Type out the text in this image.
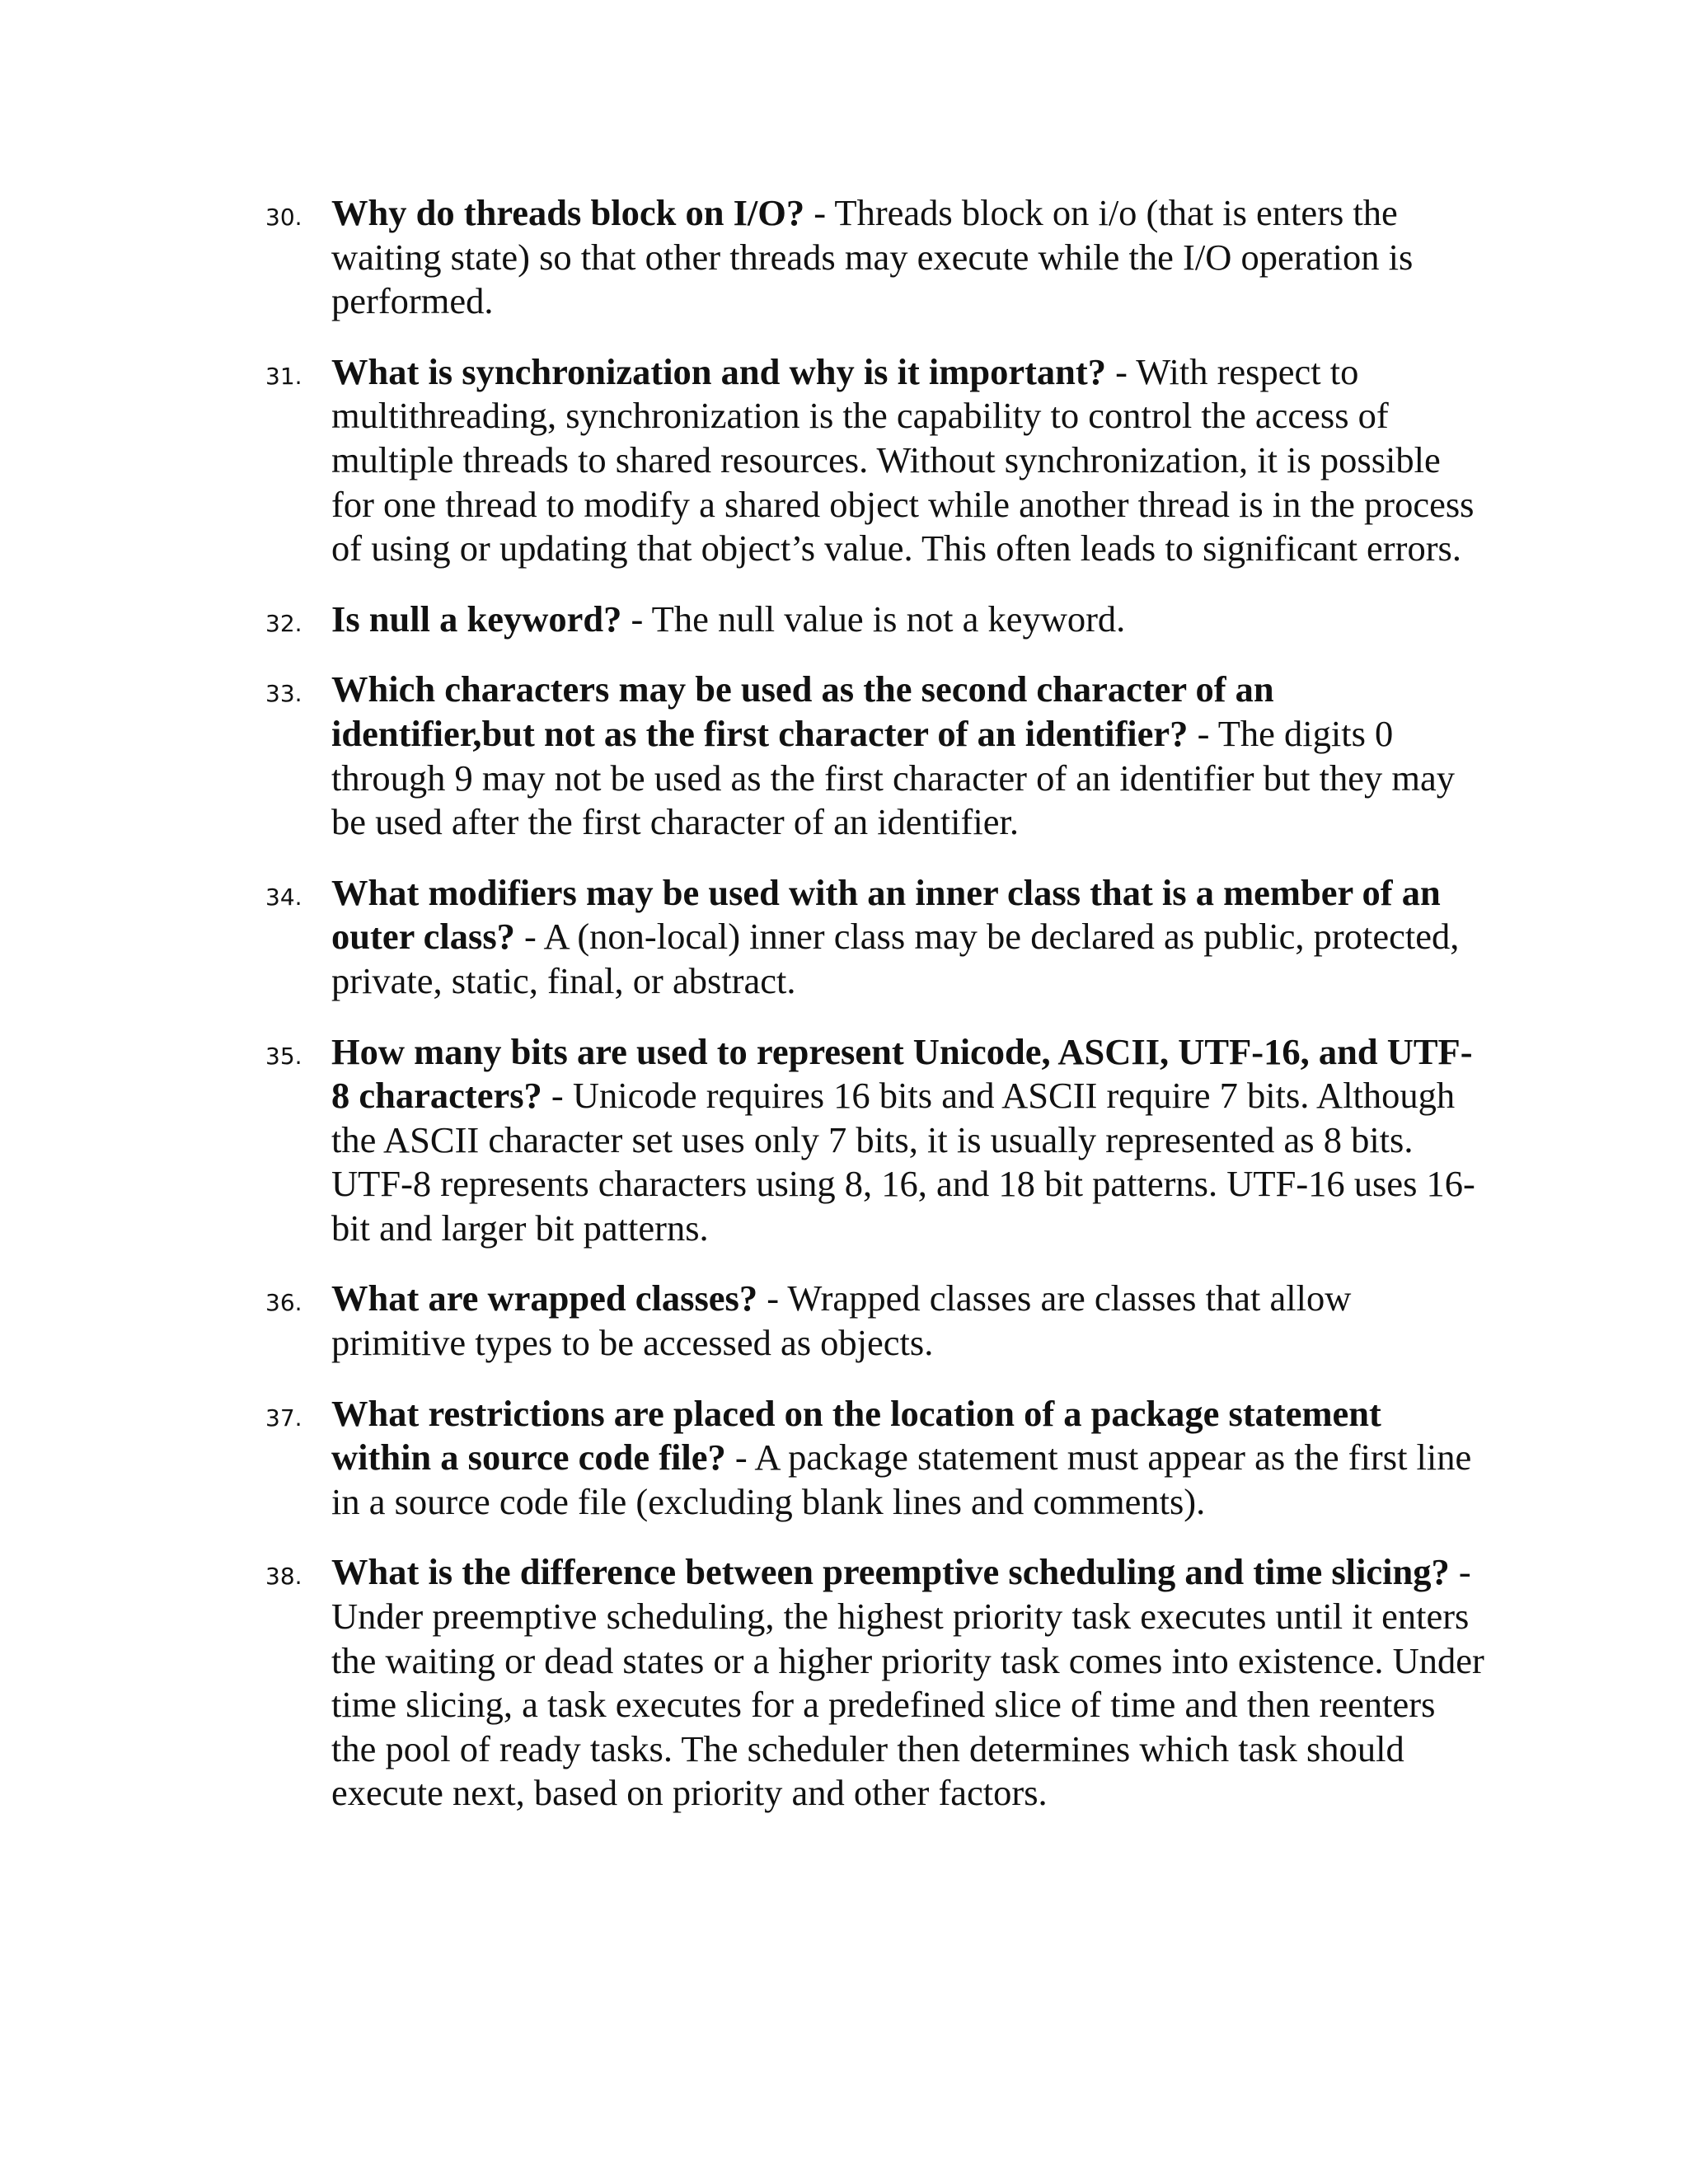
30. Why do threads block on I/O? - Threads block on i/o (that is enters the waiting state) so that other threads may execute while the I/O operation is performed.
31. What is synchronization and why is it important? - With respect to multithreading, synchronization is the capability to control the access of multiple threads to shared resources. Without synchronization, it is possible for one thread to modify a shared object while another thread is in the process of using or updating that object’s value. This often leads to significant errors.
32. Is null a keyword? - The null value is not a keyword.
33. Which characters may be used as the second character of an identifier,but not as the first character of an identifier? - The digits 0 through 9 may not be used as the first character of an identifier but they may be used after the first character of an identifier.
34. What modifiers may be used with an inner class that is a member of an outer class? - A (non-local) inner class may be declared as public, protected, private, static, final, or abstract.
35. How many bits are used to represent Unicode, ASCII, UTF-16, and UTF-8 characters? - Unicode requires 16 bits and ASCII require 7 bits. Although the ASCII character set uses only 7 bits, it is usually represented as 8 bits. UTF-8 represents characters using 8, 16, and 18 bit patterns. UTF-16 uses 16-bit and larger bit patterns.
36. What are wrapped classes? - Wrapped classes are classes that allow primitive types to be accessed as objects.
37. What restrictions are placed on the location of a package statement within a source code file? - A package statement must appear as the first line in a source code file (excluding blank lines and comments).
38. What is the difference between preemptive scheduling and time slicing? - Under preemptive scheduling, the highest priority task executes until it enters the waiting or dead states or a higher priority task comes into existence. Under time slicing, a task executes for a predefined slice of time and then reenters the pool of ready tasks. The scheduler then determines which task should execute next, based on priority and other factors.
